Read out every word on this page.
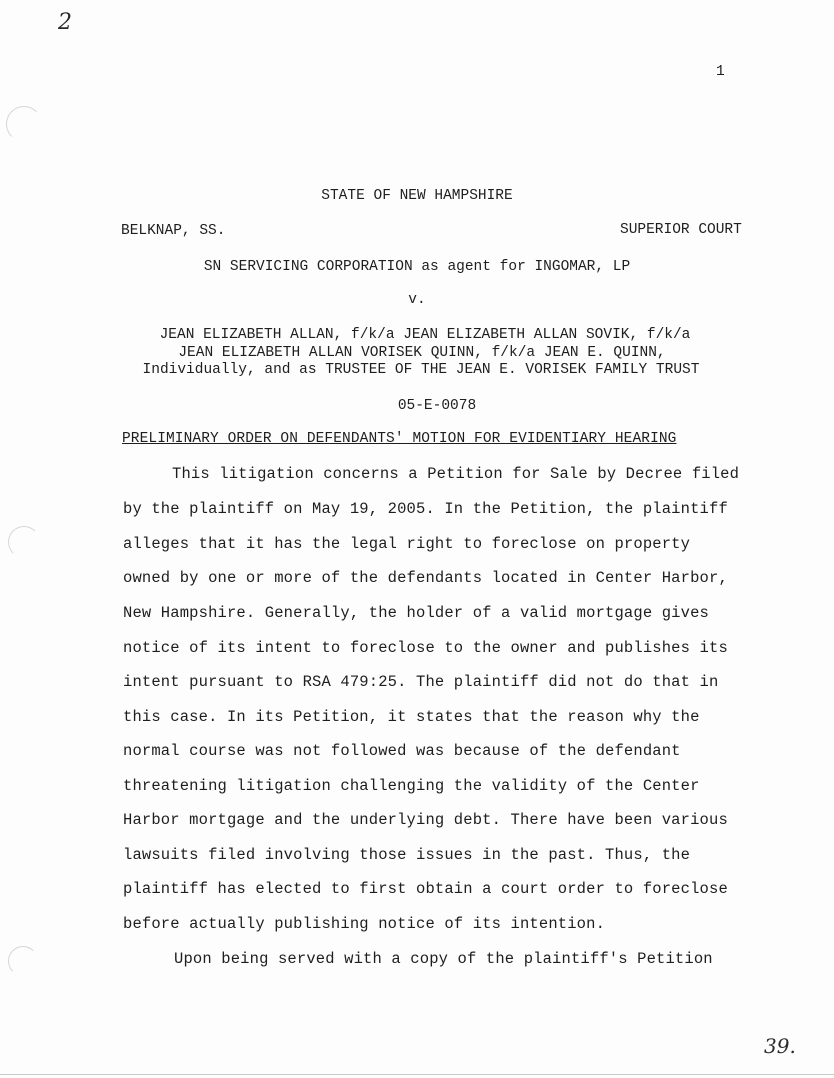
2
1
STATE OF NEW HAMPSHIRE
BELKNAP, SS.	SUPERIOR COURT
SN SERVICING CORPORATION as agent for INGOMAR, LP
v.
JEAN ELIZABETH ALLAN, f/k/a JEAN ELIZABETH ALLAN SOVIK, f/k/a
JEAN ELIZABETH ALLAN VORISEK QUINN, f/k/a JEAN E. QUINN,
Individually, and as TRUSTEE OF THE JEAN E. VORISEK FAMILY TRUST
05-E-0078
PRELIMINARY ORDER ON DEFENDANTS' MOTION FOR EVIDENTIARY HEARING
This litigation concerns a Petition for Sale by Decree filed
by the plaintiff on May 19, 2005. In the Petition, the plaintiff
alleges that it has the legal right to foreclose on property
owned by one or more of the defendants located in Center Harbor,
New Hampshire. Generally, the holder of a valid mortgage gives
notice of its intent to foreclose to the owner and publishes its
intent pursuant to RSA 479:25. The plaintiff did not do that in
this case. In its Petition, it states that the reason why the
normal course was not followed was because of the defendant
threatening litigation challenging the validity of the Center
Harbor mortgage and the underlying debt. There have been various
lawsuits filed involving those issues in the past. Thus, the
plaintiff has elected to first obtain a court order to foreclose
before actually publishing notice of its intention.
Upon being served with a copy of the plaintiff's Petition
39.
